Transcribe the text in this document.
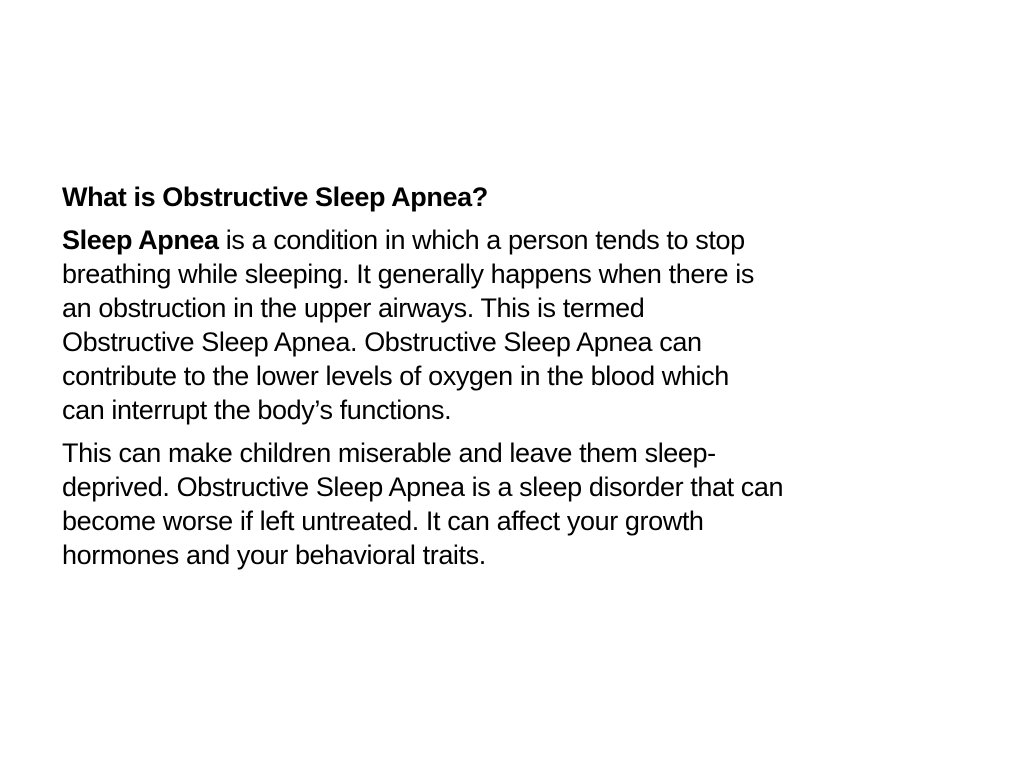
What is Obstructive Sleep Apnea?
Sleep Apnea is a condition in which a person tends to stop
breathing while sleeping. It generally happens when there is
an obstruction in the upper airways. This is termed
Obstructive Sleep Apnea. Obstructive Sleep Apnea can
contribute to the lower levels of oxygen in the blood which
can interrupt the body’s functions.
This can make children miserable and leave them sleep-
deprived. Obstructive Sleep Apnea is a sleep disorder that can
become worse if left untreated. It can affect your growth
hormones and your behavioral traits.
